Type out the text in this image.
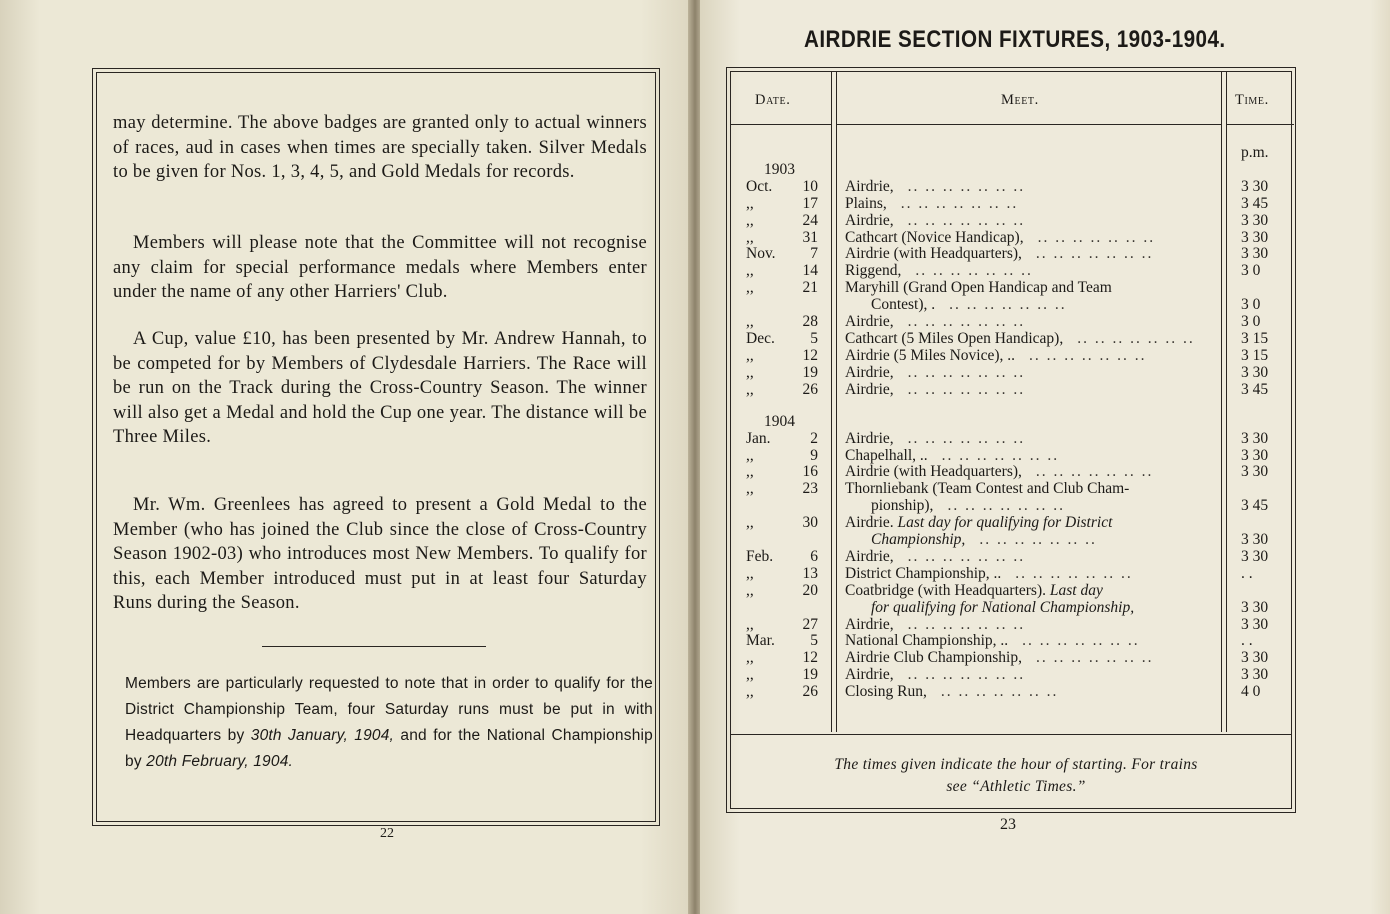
may determine. The above badges are granted only to actual winners of races, aud in cases when times are specially taken. Silver Medals to be given for Nos. 1, 3, 4, 5, and Gold Medals for records.

Members will please note that the Committee will not recognise any claim for special performance medals where Members enter under the name of any other Harriers' Club.

A Cup, value £10, has been presented by Mr. Andrew Hannah, to be competed for by Members of Clydesdale Harriers. The Race will be run on the Track during the Cross-Country Season. The winner will also get a Medal and hold the Cup one year. The distance will be Three Miles.

Mr. Wm. Greenlees has agreed to present a Gold Medal to the Member (who has joined the Club since the close of Cross-Country Season 1902-03) who introduces most New Members. To qualify for this, each Member introduced must put in at least four Saturday Runs during the Season.

Members are particularly requested to note that in order to qualify for the District Championship Team, four Saturday runs must be put in with Headquarters by 30th January, 1904, and for the National Championship by 20th February, 1904.

22
AIRDRIE SECTION FIXTURES, 1903-1904.
Date.	Meet.	Time.
p.m.
1903
Oct.	10 Airdrie, .. .. .. .. .. .. ..	3 30
,,	17 Plains, .. .. .. .. .. .. ..	3 45
,,	24 Airdrie, .. .. .. .. .. .. ..	3 30
,,	31 Cathcart (Novice Handicap), .. .. .. .. .. .. ..	3 30
Nov.	7 Airdrie (with Headquarters), .. .. .. .. .. .. ..	3 30
,,	14 Riggend, .. .. .. .. .. .. ..	3 0
,,	21 Maryhill (Grand Open Handicap and Team
Contest), . .. .. .. .. .. .. ..	3 0
,,	28 Airdrie, .. .. .. .. .. .. ..	3 0
Dec.	5 Cathcart (5 Miles Open Handicap), .. .. .. .. .. .. ..	3 15
,,	12 Airdrie (5 Miles Novice), .. .. .. .. .. .. .. ..	3 15
,,	19 Airdrie, .. .. .. .. .. .. ..	3 30
,,	26 Airdrie, .. .. .. .. .. .. ..	3 45
1904
Jan.	2 Airdrie, .. .. .. .. .. .. ..	3 30
,,	9 Chapelhall, .. .. .. .. .. .. .. ..	3 30
,,	16 Airdrie (with Headquarters), .. .. .. .. .. .. ..	3 30
,,	23 Thornliebank (Team Contest and Club Cham-
pionship), .. .. .. .. .. .. ..	3 45
,,	30 Airdrie. Last day for qualifying for District
Championship, .. .. .. .. .. .. ..	3 30
Feb.	6 Airdrie, .. .. .. .. .. .. ..	3 30
,,	13 District Championship, .. .. .. .. .. .. .. ..	. .
,,	20 Coatbridge (with Headquarters). Last day
for qualifying for National Championship,	3 30
,,	27 Airdrie, .. .. .. .. .. .. ..	3 30
Mar.	5 National Championship, .. .. .. .. .. .. .. ..	. .
,,	12 Airdrie Club Championship, .. .. .. .. .. .. ..	3 30
,,	19 Airdrie, .. .. .. .. .. .. ..	3 30
,,	26 Closing Run, .. .. .. .. .. .. ..	4 0

The times given indicate the hour of starting. For trains
see “Athletic Times.”

23
